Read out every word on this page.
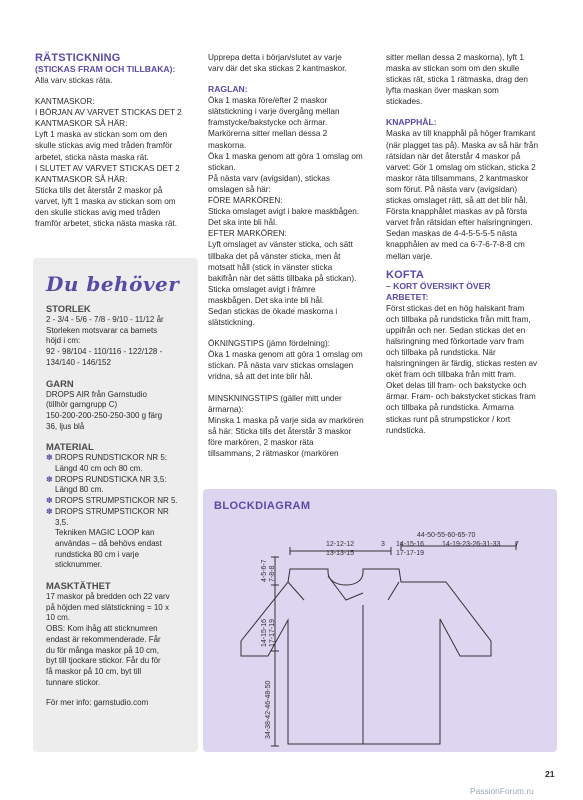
RÄTSTICKNING
(STICKAS FRAM OCH TILLBAKA):

Alla varv stickas räta.

KANTMASKOR:

I BÖRJAN AV VARVET STICKAS DET 2
KANTMASKOR SÅ HÄR:
Lyft 1 maska av stickan som om den
skulle stickas avig med tråden framför
arbetet, sticka nästa maska rät.
I SLUTET AV VARVET STICKAS DET 2
KANTMASKOR SÅ HÄR:
Sticka tills det återstår 2 maskor på
varvet, lyft 1 maska av stickan som om
den skulle stickas avig med tråden
framför arbetet, sticka nästa maska rät.

Upprepa detta i början/slutet av varje
varv där det ska stickas 2 kantmaskor.

RAGLAN:

Öka 1 maska före/efter 2 maskor
slätstickning i varje övergång mellan
framstycke/bakstycke och ärmar.
Markörerna sitter mellan dessa 2
maskorna.
Öka 1 maska genom att göra 1 omslag om
stickan.
På nästa varv (avigsidan), stickas
omslagen så här:
FÖRE MARKÖREN:
Sticka omslaget avigt i bakre maskbågen.
Det ska inte bli hål.
EFTER MARKÖREN:
Lyft omslaget av vänster sticka, och sätt
tillbaka det på vänster sticka, men åt
motsatt håll (stick in vänster sticka
bakifrån när det sätts tillbaka på stickan).
Sticka omslaget avigt i främre
maskbågen. Det ska inte bli hål.
Sedan stickas de ökade maskorna i
slätstickning.

ÖKNINGSTIPS (jämn fördelning):
Öka 1 maska genom att göra 1 omslag om
stickan. På nästa varv stickas omslagen
vridna, så att det inte blir hål.

MINSKNINGSTIPS (gäller mitt under
ärmarna):
Minska 1 maska på varje sida av markören
så här: Sticka tills det återstår 3 maskor
före markören, 2 maskor räta
tillsammans, 2 rätmaskor (markören

sitter mellan dessa 2 maskorna), lyft 1
maska av stickan som om den skulle
stickas rät, sticka 1 rätmaska, drag den
lyfta maskan över maskan som
stickades.

KNAPPHÅL:

Maska av till knapphål på höger framkant
(när plagget tas på). Maska av så här från
rätsidan när det återstår 4 maskor på
varvet: Gör 1 omslag om stickan, sticka 2
maskor räta tillsammans, 2 kantmaskor
som förut. På nästa varv (avigsidan)
stickas omslaget rätt, så att det blir hål.
Första knapphålet maskas av på första
varvet från rätsidan efter halsringningen.
Sedan maskas de 4-4-5-5-5-5 nästa
knapphålen av med ca 6-7-6-7-8-8 cm
mellan varje.

KOFTA

– KORT ÖVERSIKT ÖVER
ARBETET:

Först stickas det en hög halskant fram
och tillbaka på rundsticka från mitt fram,
uppifrån och ner. Sedan stickas det en
halsringning med förkortade varv fram
och tillbaka på rundsticka. När
halsringningen är färdig, stickas resten av
oket fram och tillbaka från mitt fram.
Oket delas till fram- och bakstycke och
ärmar. Fram- och bakstycket stickas fram
och tillbaka på rundsticka. Ärmarna
stickas runt på strumpstickor / kort
rundsticka.

Du behöver
STORLEK

2 - 3/4 - 5/6 - 7/8 - 9/10 - 11/12 år
Storleken motsvarar ca barnets
höjd i cm:
92 - 98/104 - 110/116 - 122/128 -
134/140 - 146/152

GARN

DROPS AIR från Garnstudio
(tillhör garngrupp C)
150-200-200-250-250-300 g färg
36, ljus blå

MATERIAL
✽ DROPS RUNDSTICKOR NR 5:
Längd 40 cm och 80 cm.

✽ DROPS RUNDSTICKA NR 3,5:
Längd 80 cm.

✽ DROPS STRUMPSTICKOR NR 5.

✽ DROPS STRUMPSTICKOR NR
3,5.
Tekniken MAGIC LOOP kan
användas – då behövs endast
rundsticka 80 cm i varje
sticknummer.

MASKTÄTHET

17 maskor på bredden och 22 varv
på höjden med slätstickning = 10 x
10 cm.
OBS: Kom ihåg att sticknumren
endast är rekommenderade. Får
du för många maskor på 10 cm,
byt till tjockare stickor. Får du för
få maskor på 10 cm, byt till
tunnare stickor.

För mer info: garnstudio.com

BLOCKDIAGRAM
44-50-55-60-65-70
12-12-12
13-13-15
3 14-15-16
17-17-19
14-19-23-26-31-33 7
4-5-6-7 7-8-8
14-15-16 17-17-19
34-38-42-46-48-50
21
PassionForum.ru
